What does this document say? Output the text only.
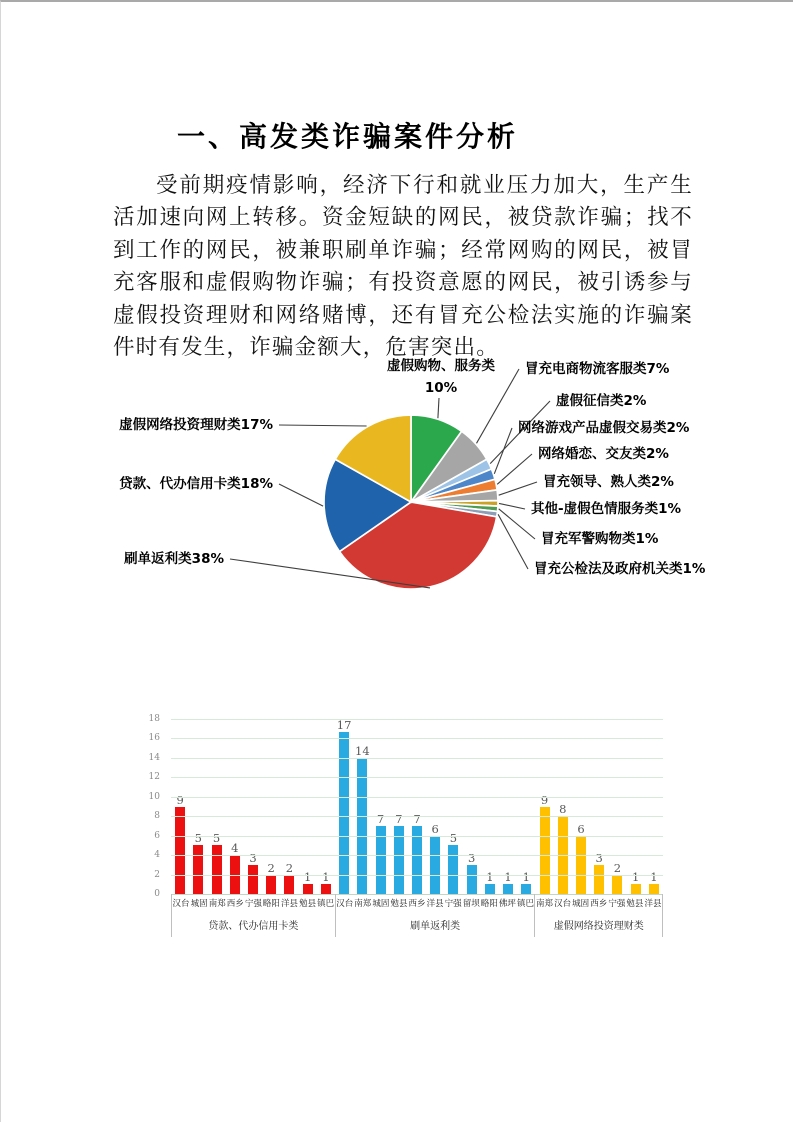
一、高发类诈骗案件分析

受前期疫情影响，经济下行和就业压力加大，生产生活加速向网上转移。资金短缺的网民，被贷款诈骗；找不到工作的网民，被兼职刷单诈骗；经常网购的网民，被冒充客服和虚假购物诈骗；有投资意愿的网民，被引诱参与虚假投资理财和网络赌博，还有冒充公检法实施的诈骗案件时有发生，诈骗金额大，危害突出。

虚假购物、服务类
10%
冒充电商物流客服类7%
虚假征信类2%
网络游戏产品虚假交易类2%
网络婚恋、交友类2%
冒充领导、熟人类2%
其他-虚假色情服务类1%
冒充军警购物类1%
冒充公检法及政府机关类1%
刷单返利类38%
贷款、代办信用卡类18%
虚假网络投资理财类17%
0
2
4
6
8
10
12
14
16
18
9
5 5
4
3
2 2
1 1
17
14
7 7 7
6
5
3
1 1 1
9
8
6
3
2
1 1
汉台 城固 南郑 西乡 宁强 略阳 洋县 勉县 镇巴
贷款、代办信用卡类
汉台 南郑 城固 勉县 西乡 洋县 宁强 留坝 略阳 佛坪 镇巴
刷单返利类
南郑 汉台 城固 西乡 宁强 勉县 洋县
虚假网络投资理财类
